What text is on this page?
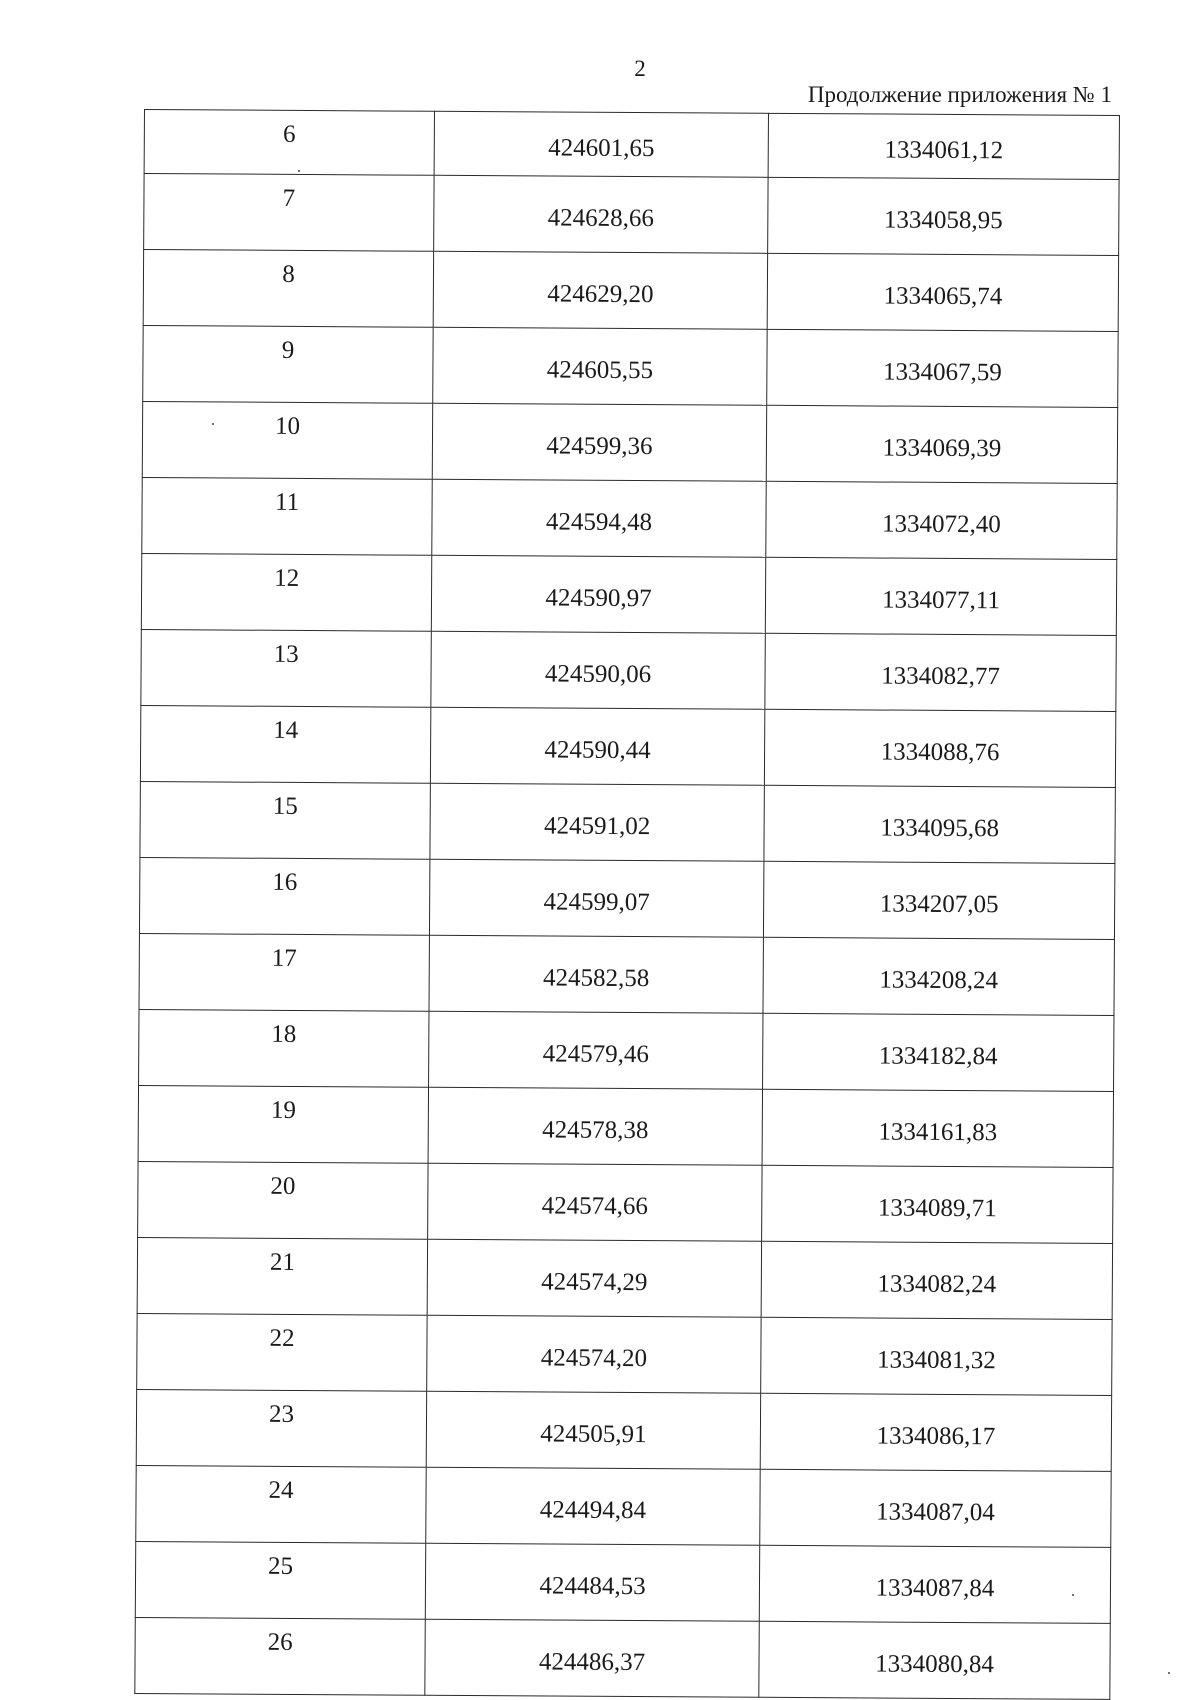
2
Продолжение приложения № 1
6	424601,65	1334061,12
7	424628,66	1334058,95
8	424629,20	1334065,74
9	424605,55	1334067,59
10	424599,36	1334069,39
11	424594,48	1334072,40
12	424590,97	1334077,11
13	424590,06	1334082,77
14	424590,44	1334088,76
15	424591,02	1334095,68
16	424599,07	1334207,05
17	424582,58	1334208,24
18	424579,46	1334182,84
19	424578,38	1334161,83
20	424574,66	1334089,71
21	424574,29	1334082,24
22	424574,20	1334081,32
23	424505,91	1334086,17
24	424494,84	1334087,04
25	424484,53	1334087,84
26	424486,37	1334080,84
